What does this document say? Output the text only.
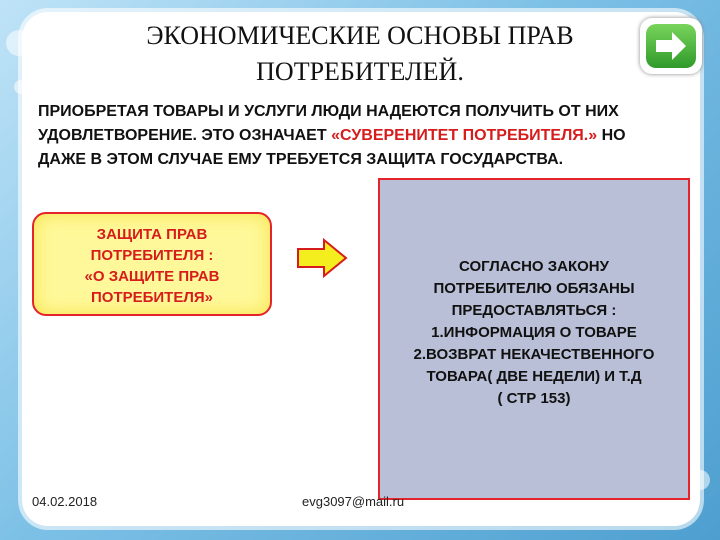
ЭКОНОМИЧЕСКИЕ ОСНОВЫ ПРАВ
ПОТРЕБИТЕЛЕЙ.
ПРИОБРЕТАЯ ТОВАРЫ И УСЛУГИ ЛЮДИ НАДЕЮТСЯ ПОЛУЧИТЬ ОТ НИХ УДОВЛЕТВОРЕНИЕ. ЭТО ОЗНАЧАЕТ «СУВЕРЕНИТЕТ ПОТРЕБИТЕЛЯ.» НО ДАЖЕ В ЭТОМ СЛУЧАЕ ЕМУ ТРЕБУЕТСЯ ЗАЩИТА ГОСУДАРСТВА.
ЗАЩИТА ПРАВ
ПОТРЕБИТЕЛЯ :
«О ЗАЩИТЕ ПРАВ
ПОТРЕБИТЕЛЯ»
СОГЛАСНО ЗАКОНУ
ПОТРЕБИТЕЛЮ ОБЯЗАНЫ
ПРЕДОСТАВЛЯТЬСЯ :
1.ИНФОРМАЦИЯ О ТОВАРЕ
2.ВОЗВРАТ НЕКАЧЕСТВЕННОГО
ТОВАРА( ДВЕ НЕДЕЛИ) И Т.Д
( СТР 153)
04.02.2018	evg3097@mail.ru
